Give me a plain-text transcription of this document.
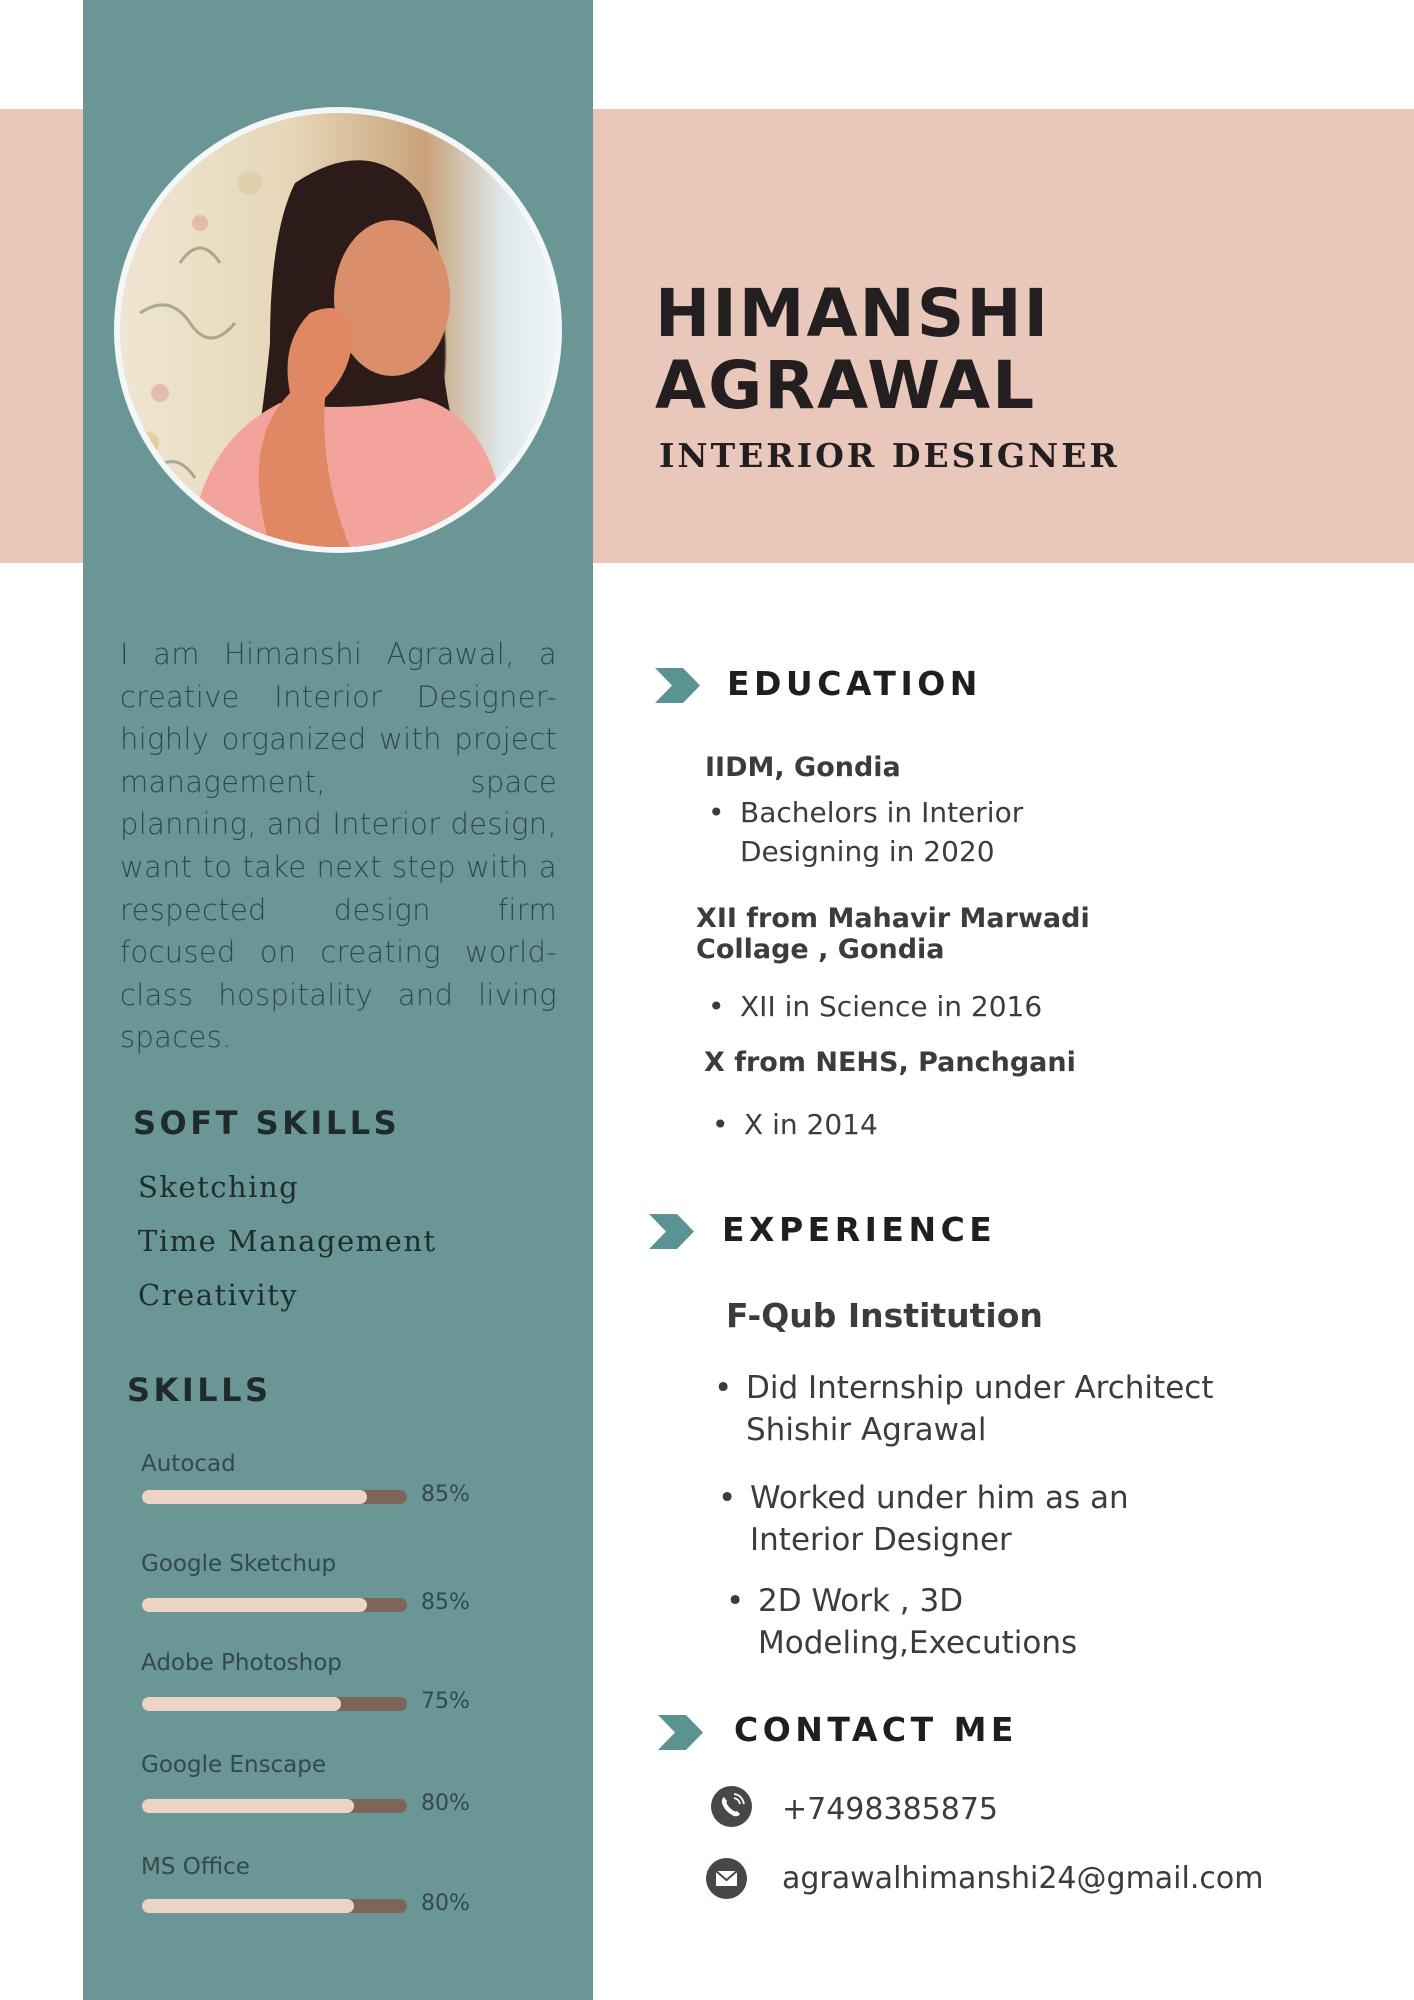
HIMANSHI
AGRAWAL
INTERIOR DESIGNER

I am Himanshi Agrawal, a creative Interior Designer- highly organized with project management, space planning, and Interior design, want to take next step with a respected design firm focused on creating world-class hospitality and living spaces.

SOFT SKILLS
Sketching
Time Management
Creativity
SKILLS
Autocad
85%
Google Sketchup
85%
Adobe Photoshop
75%
Google Enscape
80%
MS Office
80%
EDUCATION
IIDM, Gondia
• Bachelors in Interior
Designing in 2020
XII from Mahavir Marwadi
Collage , Gondia
• XII in Science in 2016
X from NEHS, Panchgani
• X in 2014
EXPERIENCE
F-Qub Institution
• Did Internship under Architect
Shishir Agrawal
• Worked under him as an
Interior Designer
• 2D Work , 3D
Modeling,Executions
CONTACT ME
+7498385875
agrawalhimanshi24@gmail.com
